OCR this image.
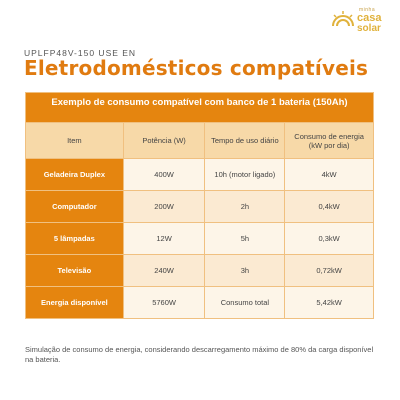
minha
casa
solar
UPLFP48V-150 USE EN
Eletrodomésticos compatíveis
Exemplo de consumo compatível com banco de 1 bateria (150Ah)
Item	Potência (W)	Tempo de uso diário	Consumo de energia (kW por dia)
Geladeira Duplex	400W	10h (motor ligado)	4kW
Computador	200W	2h	0,4kW
5 lâmpadas	12W	5h	0,3kW
Televisão	240W	3h	0,72kW
Energia disponível	5760W	Consumo total	5,42kW
Simulação de consumo de energia, considerando descarregamento máximo de 80% da carga disponível na bateria.
